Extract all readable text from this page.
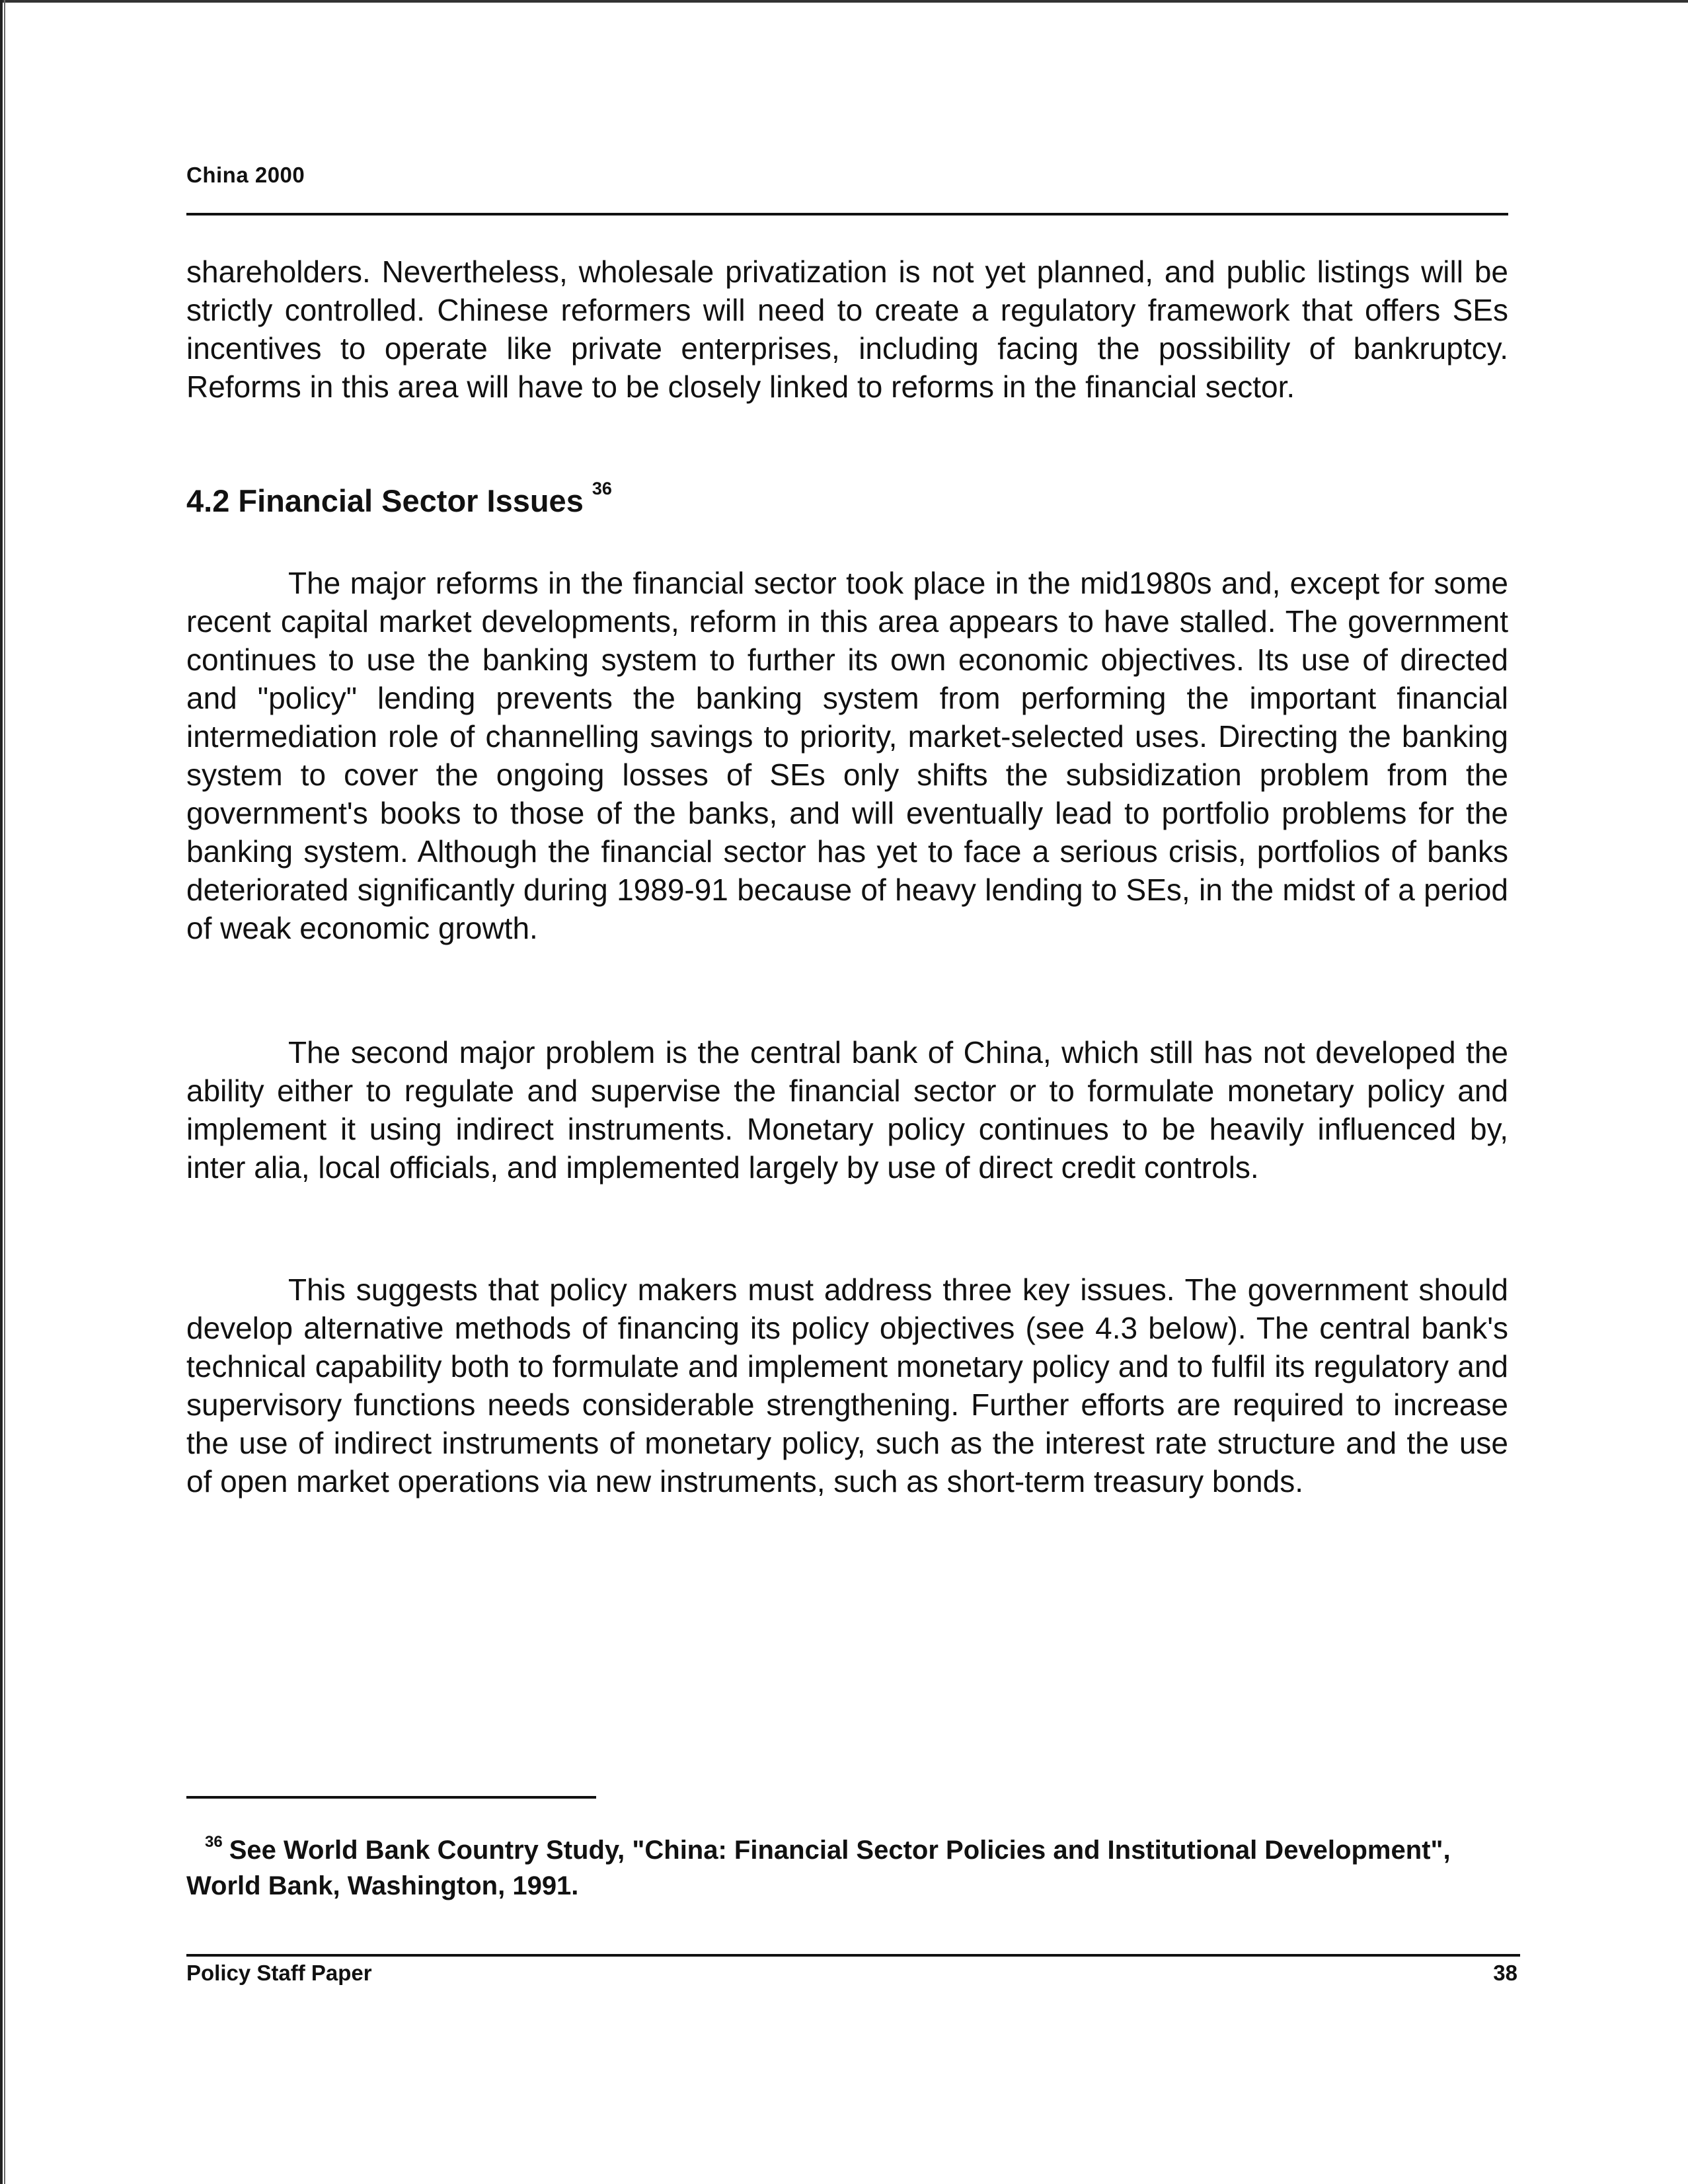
China 2000

shareholders. Nevertheless, wholesale privatization is not yet planned, and public listings will be strictly controlled. Chinese reformers will need to create a regulatory framework that offers SEs incentives to operate like private enterprises, including facing the possibility of bankruptcy. Reforms in this area will have to be closely linked to reforms in the financial sector.

4.2 Financial Sector Issues $^{36}$

The major reforms in the financial sector took place in the mid1980s and, except for some recent capital market developments, reform in this area appears to have stalled. The government continues to use the banking system to further its own economic objectives. Its use of directed and "policy" lending prevents the banking system from performing the important financial intermediation role of channelling savings to priority, market-selected uses. Directing the banking system to cover the ongoing losses of SEs only shifts the subsidization problem from the government's books to those of the banks, and will eventually lead to portfolio problems for the banking system. Although the financial sector has yet to face a serious crisis, portfolios of banks deteriorated significantly during 1989-91 because of heavy lending to SEs, in the midst of a period of weak economic growth.

The second major problem is the central bank of China, which still has not developed the ability either to regulate and supervise the financial sector or to formulate monetary policy and implement it using indirect instruments. Monetary policy continues to be heavily influenced by, inter alia, local officials, and implemented largely by use of direct credit controls.

This suggests that policy makers must address three key issues. The government should develop alternative methods of financing its policy objectives (see 4.3 below). The central bank's technical capability both to formulate and implement monetary policy and to fulfil its regulatory and supervisory functions needs considerable strengthening. Further efforts are required to increase the use of indirect instruments of monetary policy, such as the interest rate structure and the use of open market operations via new instruments, such as short-term treasury bonds.

$^{36}$ See World Bank Country Study, "China: Financial Sector Policies and Institutional Development", World Bank, Washington, 1991.
Policy Staff Paper	38
